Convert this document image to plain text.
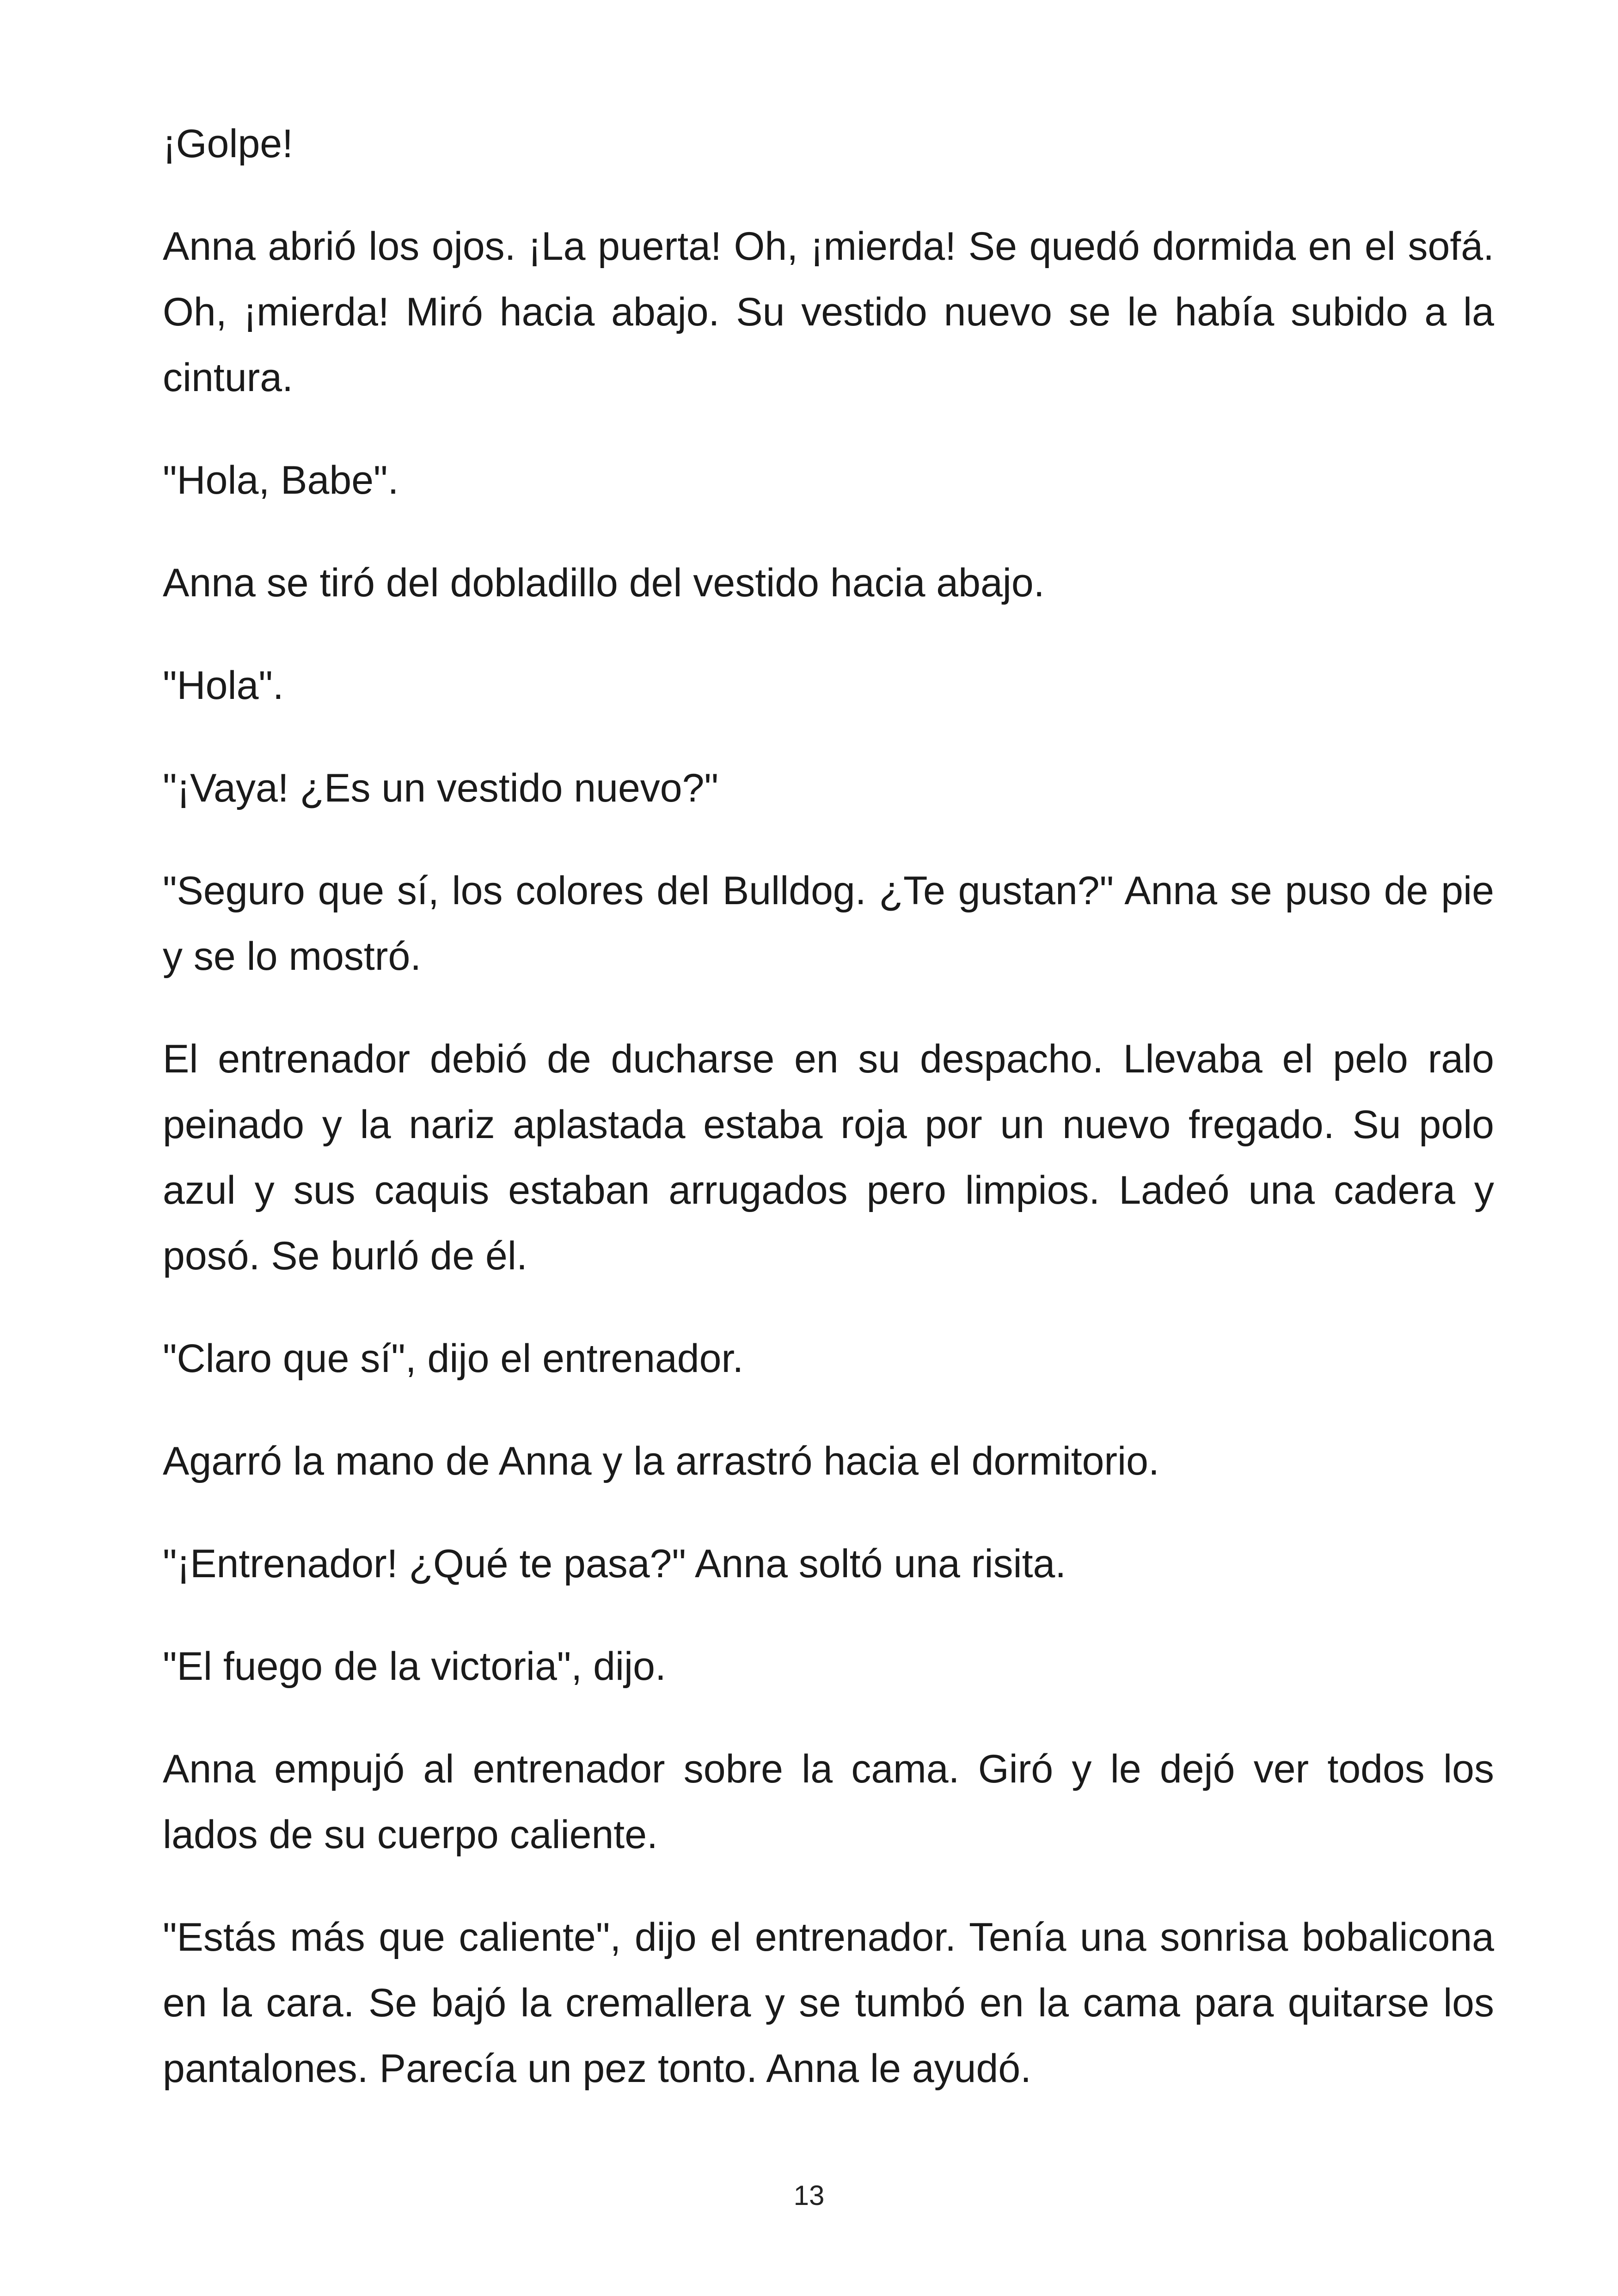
¡Golpe!

Anna abrió los ojos. ¡La puerta! Oh, ¡mierda! Se quedó dormida en el sofá. Oh, ¡mierda! Miró hacia abajo. Su vestido nuevo se le había subido a la cintura.

"Hola, Babe".

Anna se tiró del dobladillo del vestido hacia abajo.

"Hola".

"¡Vaya! ¿Es un vestido nuevo?"

"Seguro que sí, los colores del Bulldog. ¿Te gustan?" Anna se puso de pie y se lo mostró.

El entrenador debió de ducharse en su despacho. Llevaba el pelo ralo peinado y la nariz aplastada estaba roja por un nuevo fregado. Su polo azul y sus caquis estaban arrugados pero limpios. Ladeó una cadera y posó. Se burló de él.

"Claro que sí", dijo el entrenador.

Agarró la mano de Anna y la arrastró hacia el dormitorio.

"¡Entrenador! ¿Qué te pasa?" Anna soltó una risita.

"El fuego de la victoria", dijo.

Anna empujó al entrenador sobre la cama. Giró y le dejó ver todos los lados de su cuerpo caliente.

"Estás más que caliente", dijo el entrenador. Tenía una sonrisa bobalicona en la cara. Se bajó la cremallera y se tumbó en la cama para quitarse los pantalones. Parecía un pez tonto. Anna le ayudó.

13
